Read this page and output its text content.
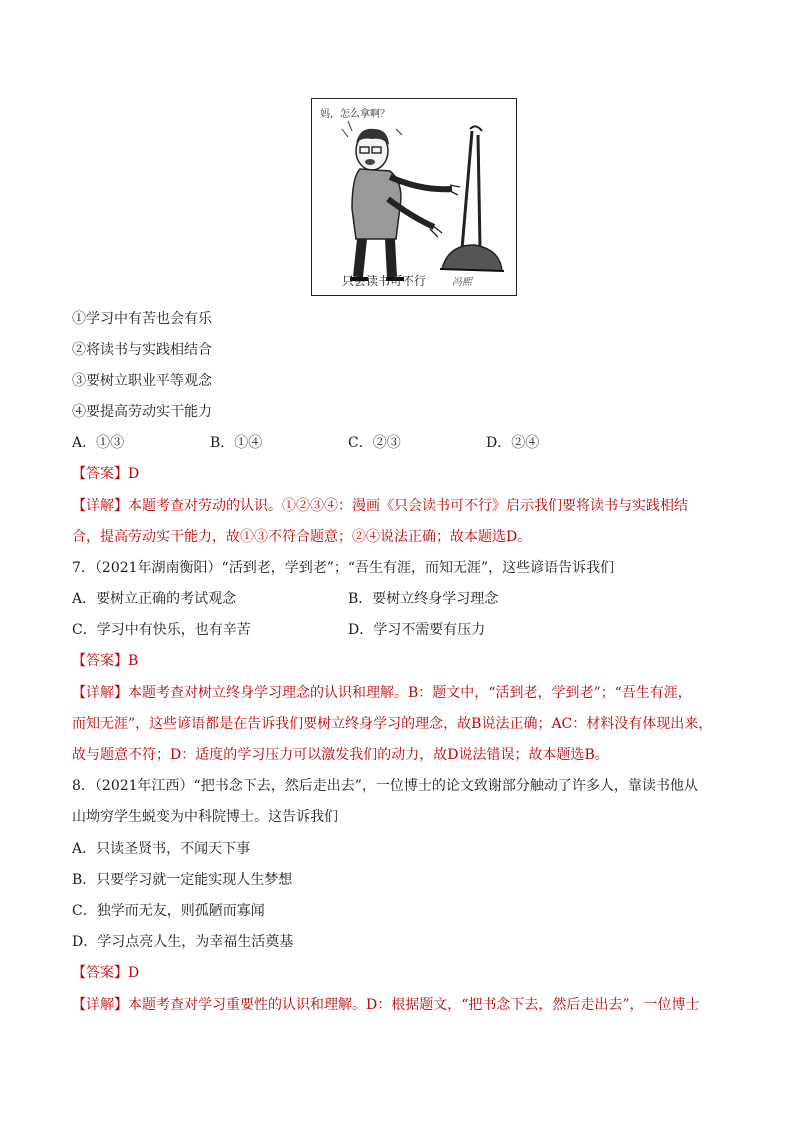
妈，怎么拿啊？
只会读书可不行	冯熙
①学习中有苦也会有乐
②将读书与实践相结合
③要树立职业平等观念
④要提高劳动实干能力
A．①③	B．①④	C．②③	D．②④
【答案】D
【详解】本题考查对劳动的认识。①②③④：漫画《只会读书可不行》启示我们要将读书与实践相结
合，提高劳动实干能力，故①③不符合题意；②④说法正确；故本题选D。
7．（2021年湖南衡阳）“活到老，学到老”；“吾生有涯，而知无涯”，这些谚语告诉我们
A．要树立正确的考试观念	B．要树立终身学习理念
C．学习中有快乐，也有辛苦	D．学习不需要有压力
【答案】B
【详解】本题考查对树立终身学习理念的认识和理解。B：题文中，“活到老，学到老”；“吾生有涯，
而知无涯”，这些谚语都是在告诉我们要树立终身学习的理念，故B说法正确；AC：材料没有体现出来，
故与题意不符；D：适度的学习压力可以激发我们的动力，故D说法错误；故本题选B。
8．（2021年江西）“把书念下去，然后走出去”，一位博士的论文致谢部分触动了许多人，靠读书他从
山坳穷学生蜕变为中科院博士。这告诉我们
A．只读圣贤书，不闻天下事
B．只要学习就一定能实现人生梦想
C．独学而无友，则孤陋而寡闻
D．学习点亮人生，为幸福生活奠基
【答案】D
【详解】本题考查对学习重要性的认识和理解。D：根据题文，“把书念下去，然后走出去”，一位博士
